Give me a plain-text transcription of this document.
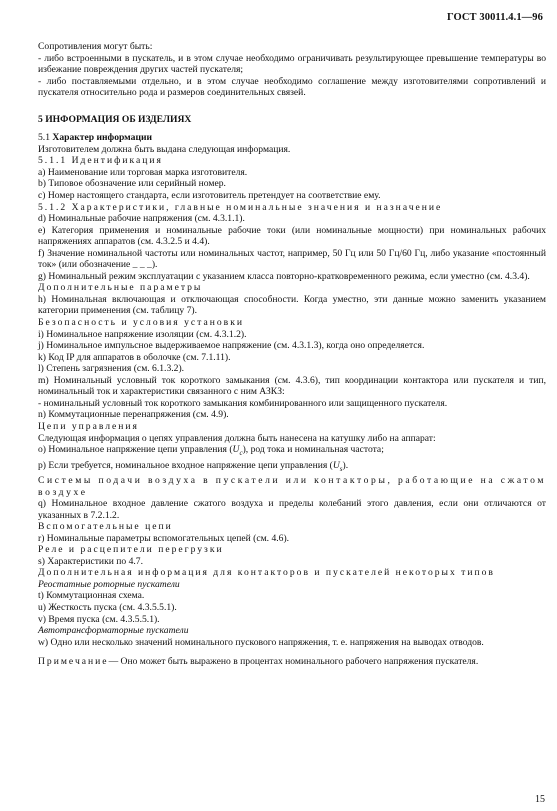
ГОСТ 30011.4.1—96

Сопротивления могут быть:

- либо встроенными в пускатель, и в этом случае необходимо ограничивать результирующее превышение температуры во избежание повреждения других частей пускателя;

- либо поставляемыми отдельно, и в этом случае необходимо соглашение между изготовителями сопротивлений и пускателя относительно рода и размеров соединительных связей.

5 ИНФОРМАЦИЯ ОБ ИЗДЕЛИЯХ

5.1 Характер информации

Изготовителем должна быть выдана следующая информация.

5.1.1 Идентификация

а) Наименование или торговая марка изготовителя.

b) Типовое обозначение или серийный номер.

с) Номер настоящего стандарта, если изготовитель претендует на соответствие ему.

5.1.2 Характеристики, главные номинальные значения и назначение

d) Номинальные рабочие напряжения (см. 4.3.1.1).

е) Категория применения и номинальные рабочие токи (или номинальные мощности) при номинальных рабочих напряжениях аппаратов (см. 4.3.2.5 и 4.4).

f) Значение номинальной частоты или номинальных частот, например, 50 Гц или 50 Гц/60 Гц, либо указание «постоянный ток» (или обозначение _ _ _).

g) Номинальный режим эксплуатации с указанием класса повторно-кратковременного режима, если уместно (см. 4.3.4).

Дополнительные параметры

h) Номинальная включающая и отключающая способности. Когда уместно, эти данные можно заменить указанием категории применения (см. таблицу 7).

Безопасность и условия установки

i) Номинальное напряжение изоляции (см. 4.3.1.2).

j) Номинальное импульсное выдерживаемое напряжение (см. 4.3.1.3), когда оно определяется.

k) Код IP для аппаратов в оболочке (см. 7.1.11).

l) Степень загрязнения (см. 6.1.3.2).

m) Номинальный условный ток короткого замыкания (см. 4.3.6), тип координации контактора или пускателя и тип, номинальный ток и характеристики связанного с ним АЗКЗ:

- номинальный условный ток короткого замыкания комбинированного или защищенного пускателя.

n) Коммутационные перенапряжения (см. 4.9).

Цепи управления

Следующая информация о цепях управления должна быть нанесена на катушку либо на аппарат:

о) Номинальное напряжение цепи управления $(U_c)$, род тока и номинальная частота;

р) Если требуется, номинальное входное напряжение цепи управления $(U_s)$.

Системы подачи воздуха в пускатели или контакторы, работающие на сжатом воздухе

q) Номинальное входное давление сжатого воздуха и пределы колебаний этого давления, если они отличаются от указанных в 7.2.1.2.

Вспомогательные цепи

r) Номинальные параметры вспомогательных цепей (см. 4.6).

Реле и расцепители перегрузки

s) Характеристики по 4.7.

Дополнительная информация для контакторов и пускателей некоторых типов

Реостатные роторные пускатели

t) Коммутационная схема.

u) Жесткость пуска (см. 4.3.5.5.1).

v) Время пуска (см. 4.3.5.5.1).

Автотрансформаторные пускатели

w) Одно или несколько значений номинального пускового напряжения, т. е. напряжения на выводах отводов.

Примечание— Оно может быть выражено в процентах номинального рабочего напряжения пускателя.

15
